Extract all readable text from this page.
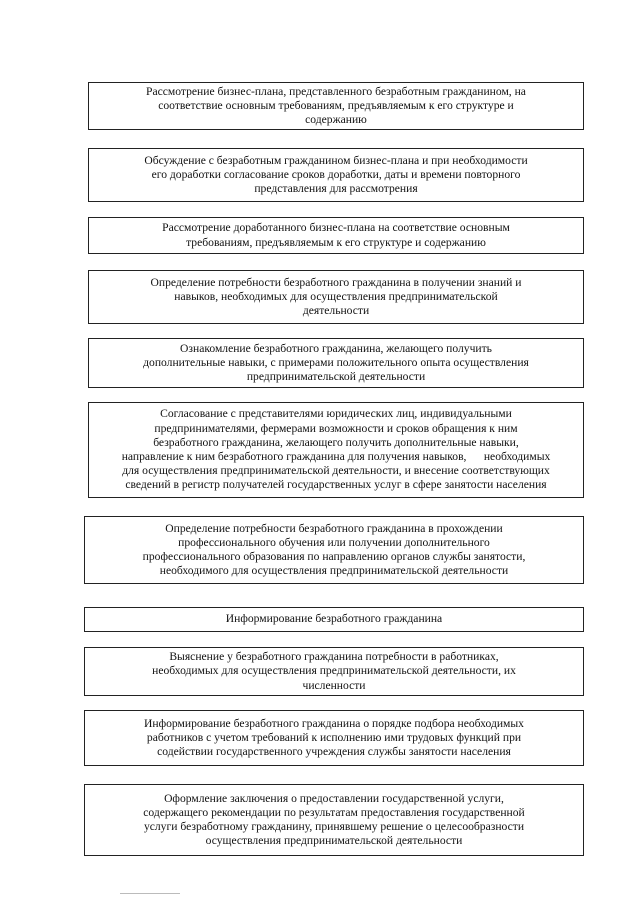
Рассмотрение бизнес-плана, представленного безработным гражданином, на
соответствие основным требованиям, предъявляемым к его структуре и
содержанию
Обсуждение с безработным гражданином бизнес-плана и при необходимости
его доработки согласование сроков доработки, даты и времени повторного
представления для рассмотрения
Рассмотрение доработанного бизнес-плана на соответствие основным
требованиям, предъявляемым к его структуре и содержанию
Определение потребности безработного гражданина в получении знаний и
навыков, необходимых для осуществления предпринимательской
деятельности
Ознакомление безработного гражданина, желающего получить
дополнительные навыки, с примерами положительного опыта осуществления
предпринимательской деятельности
Согласование с представителями юридических лиц, индивидуальными
предпринимателями, фермерами возможности и сроков обращения к ним
безработного гражданина, желающего получить дополнительные навыки,
направление к ним безработного гражданина для получения навыков,      необходимых
для осуществления предпринимательской деятельности, и внесение соответствующих
сведений в регистр получателей государственных услуг в сфере занятости населения
Определение потребности безработного гражданина в прохождении
профессионального обучения или получении дополнительного
профессионального образования по направлению органов службы занятости,
необходимого для осуществления предпринимательской деятельности
Информирование безработного гражданина
Выяснение у безработного гражданина потребности в работниках,
необходимых для осуществления предпринимательской деятельности, их
численности
Информирование безработного гражданина о порядке подбора необходимых
работников с учетом требований к исполнению ими трудовых функций при
содействии государственного учреждения службы занятости населения
Оформление заключения о предоставлении государственной услуги,
содержащего рекомендации по результатам предоставления государственной
услуги безработному гражданину, принявшему решение о целесообразности
осуществления предпринимательской деятельности
